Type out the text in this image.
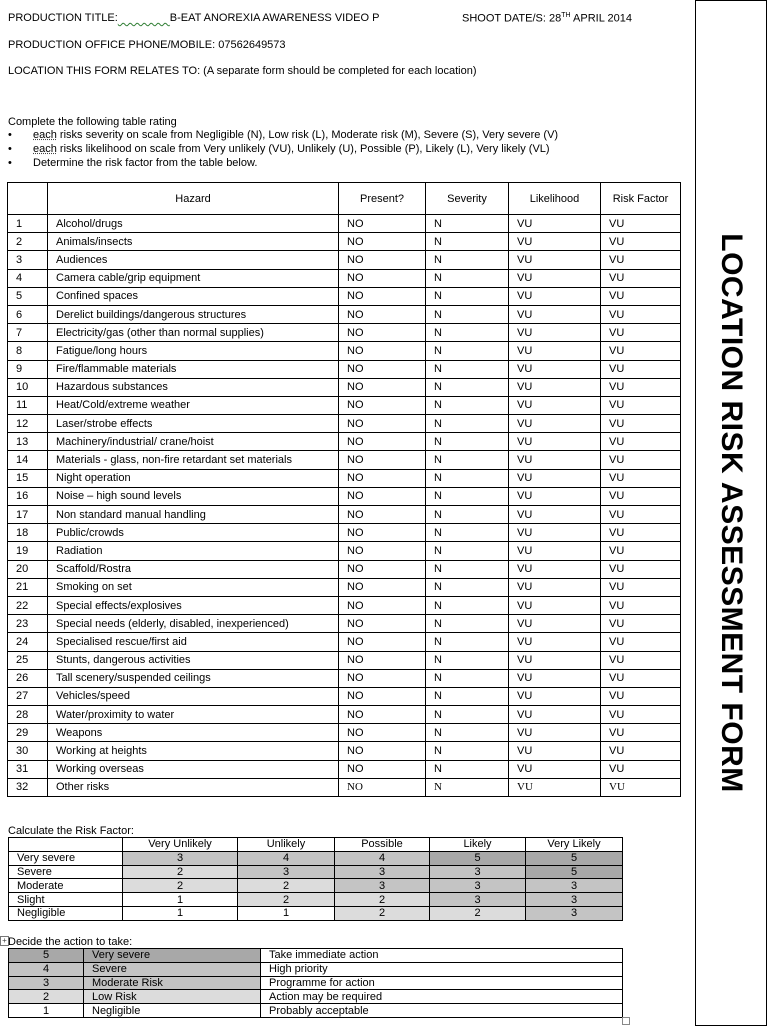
PRODUCTION TITLE:	B-EAT ANOREXIA AWARENESS VIDEO P	SHOOT DATE/S: 28TH APRIL 2014
PRODUCTION OFFICE PHONE/MOBILE: 07562649573
LOCATION THIS FORM RELATES TO: (A separate form should be completed for each location)
Complete the following table rating
• each risks severity on scale from Negligible (N), Low risk (L), Moderate risk (M), Severe (S), Very severe (V)
• each risks likelihood on scale from Very unlikely (VU), Unlikely (U), Possible (P), Likely (L), Very likely (VL)
• Determine the risk factor from the table below.
	Hazard	Present?	Severity	Likelihood	Risk Factor
1	Alcohol/drugs	NO	N	VU	VU
2	Animals/insects	NO	N	VU	VU
3	Audiences	NO	N	VU	VU
4	Camera cable/grip equipment	NO	N	VU	VU
5	Confined spaces	NO	N	VU	VU
6	Derelict buildings/dangerous structures	NO	N	VU	VU
7	Electricity/gas (other than normal supplies)	NO	N	VU	VU
8	Fatigue/long hours	NO	N	VU	VU
9	Fire/flammable materials	NO	N	VU	VU
10	Hazardous substances	NO	N	VU	VU
11	Heat/Cold/extreme weather	NO	N	VU	VU
12	Laser/strobe effects	NO	N	VU	VU
13	Machinery/industrial/ crane/hoist	NO	N	VU	VU
14	Materials - glass, non-fire retardant set materials	NO	N	VU	VU
15	Night operation	NO	N	VU	VU
16	Noise – high sound levels	NO	N	VU	VU
17	Non standard manual handling	NO	N	VU	VU
18	Public/crowds	NO	N	VU	VU
19	Radiation	NO	N	VU	VU
20	Scaffold/Rostra	NO	N	VU	VU
21	Smoking on set	NO	N	VU	VU
22	Special effects/explosives	NO	N	VU	VU
23	Special needs (elderly, disabled, inexperienced)	NO	N	VU	VU
24	Specialised rescue/first aid	NO	N	VU	VU
25	Stunts, dangerous activities	NO	N	VU	VU
26	Tall scenery/suspended ceilings	NO	N	VU	VU
27	Vehicles/speed	NO	N	VU	VU
28	Water/proximity to water	NO	N	VU	VU
29	Weapons	NO	N	VU	VU
30	Working at heights	NO	N	VU	VU
31	Working overseas	NO	N	VU	VU
32	Other risks	NO	N	VU	VU
Calculate the Risk Factor:
	Very Unlikely	Unlikely	Possible	Likely	Very Likely
Very severe	3	4	4	5	5
Severe	2	3	3	3	5
Moderate	2	2	3	3	3
Slight	1	2	2	3	3
Negligible	1	1	2	2	3
+ Decide the action to take:
5	Very severe	Take immediate action
4	Severe	High priority
3	Moderate Risk	Programme for action
2	Low Risk	Action may be required
1	Negligible	Probably acceptable
LOCATION RISK ASSESSMENT FORM
